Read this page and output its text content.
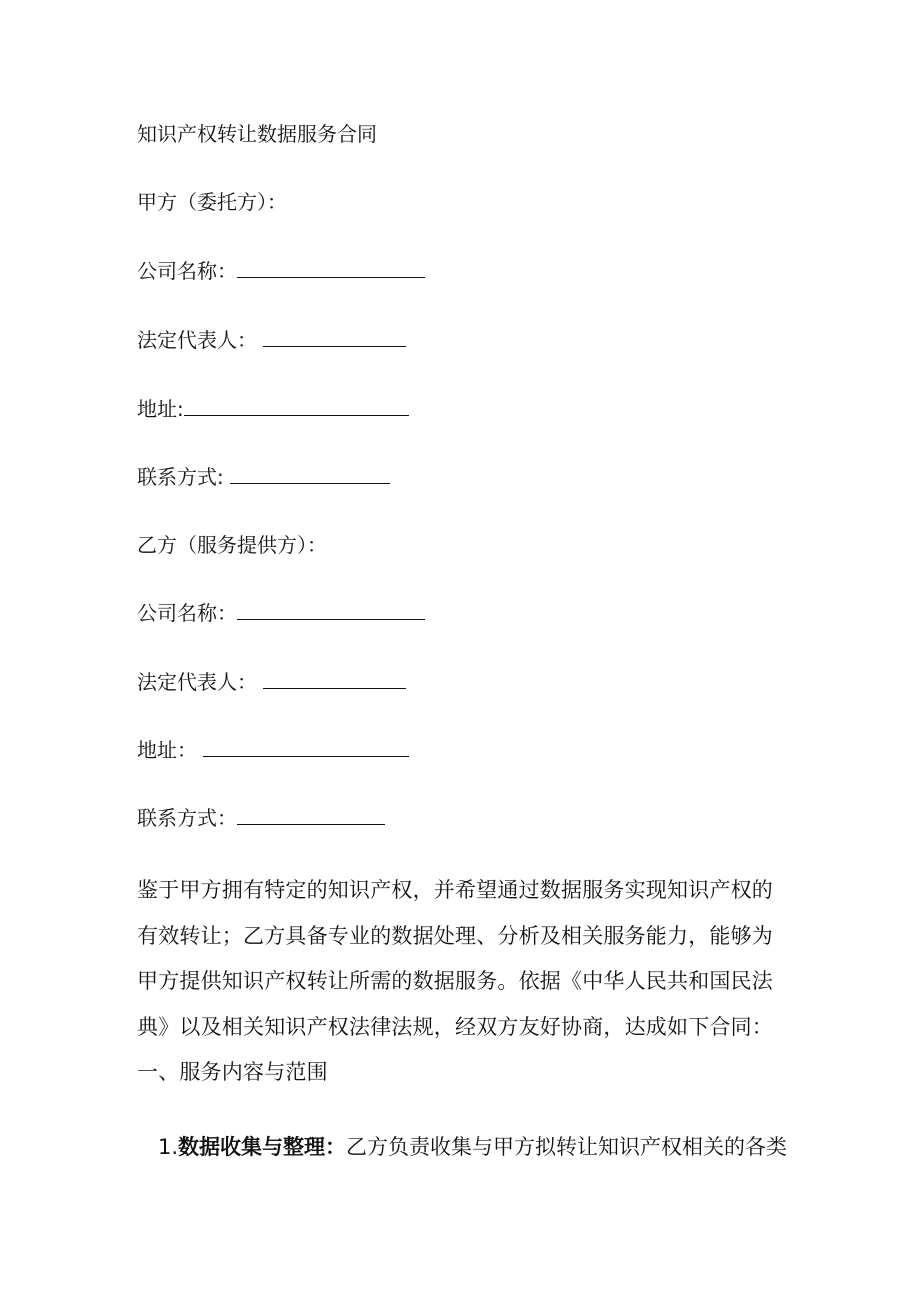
知识产权转让数据服务合同
甲方（委托方）：
公司名称：
法定代表人：
地址:
联系方式:
乙方（服务提供方）：
公司名称：
法定代表人：
地址：
联系方式：
鉴于甲方拥有特定的知识产权，并希望通过数据服务实现知识产权的有效转让；乙方具备专业的数据处理、分析及相关服务能力，能够为甲方提供知识产权转让所需的数据服务。依据《中华人民共和国民法典》以及相关知识产权法律法规，经双方友好协商，达成如下合同：一、服务内容与范围
1.数据收集与整理：乙方负责收集与甲方拟转让知识产权相关的各类
